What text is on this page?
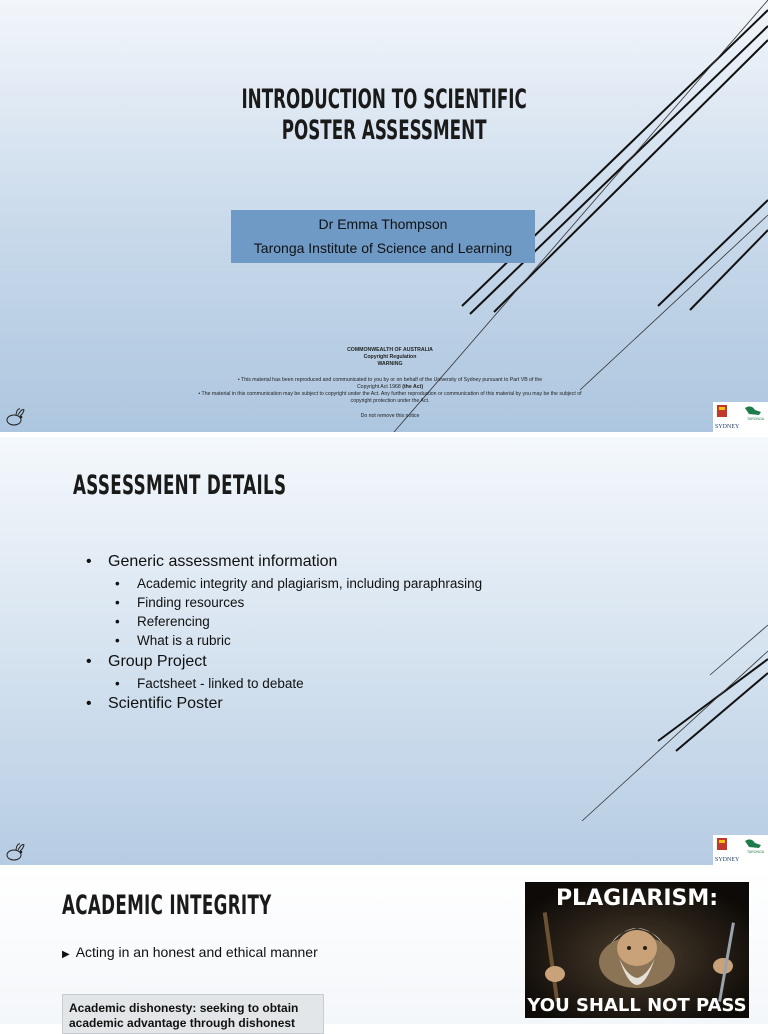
INTRODUCTION TO SCIENTIFIC
POSTER ASSESSMENT
Dr Emma Thompson
Taronga Institute of Science and Learning
COMMONWEALTH OF AUSTRALIA
Copyright Regulation
WARNING
• This material has been reproduced and communicated to you by or on behalf of the University of Sydney pursuant to Part VB of the
Copyright Act 1968 (the Act)
• The material in this communication may be subject to copyright under the Act. Any further reproduction or communication of this material by you may be the subject of
copyright protection under the Act.
Do not remove this notice
SYDNEY
TARONGA
SYDNEY
TARONGA
ASSESSMENT DETAILS
• Generic assessment information
• Academic integrity and plagiarism, including paraphrasing
• Finding resources
• Referencing
• What is a rubric
• Group Project
• Factsheet - linked to debate
• Scientific Poster
ACADEMIC INTEGRITY
▶ Acting in an honest and ethical manner
Academic dishonesty: seeking to obtain academic advantage through dishonest
PLAGIARISM:
YOU SHALL NOT PASS
